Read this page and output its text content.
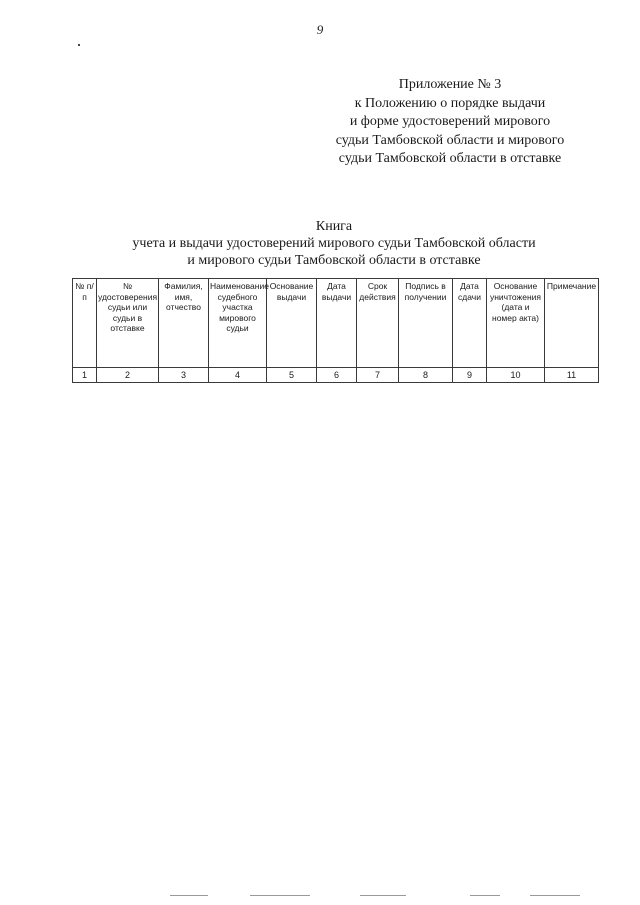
9
Приложение № 3
к Положению о порядке выдачи
и форме удостоверений мирового
судьи Тамбовской области и мирового
судьи Тамбовской области в отставке
Книга
учета и выдачи удостоверений мирового судьи Тамбовской области
и мирового судьи Тамбовской области в отставке
№ п/п	№ удостоверения судьи или судьи в отставке	Фамилия, имя, отчество	Наименование судебного участка мирового судьи	Основание выдачи	Дата выдачи	Срок действия	Подпись в получении	Дата сдачи	Основание уничтожения (дата и номер акта)	Примечание
1	2	3	4	5	6	7	8	9	10	11
